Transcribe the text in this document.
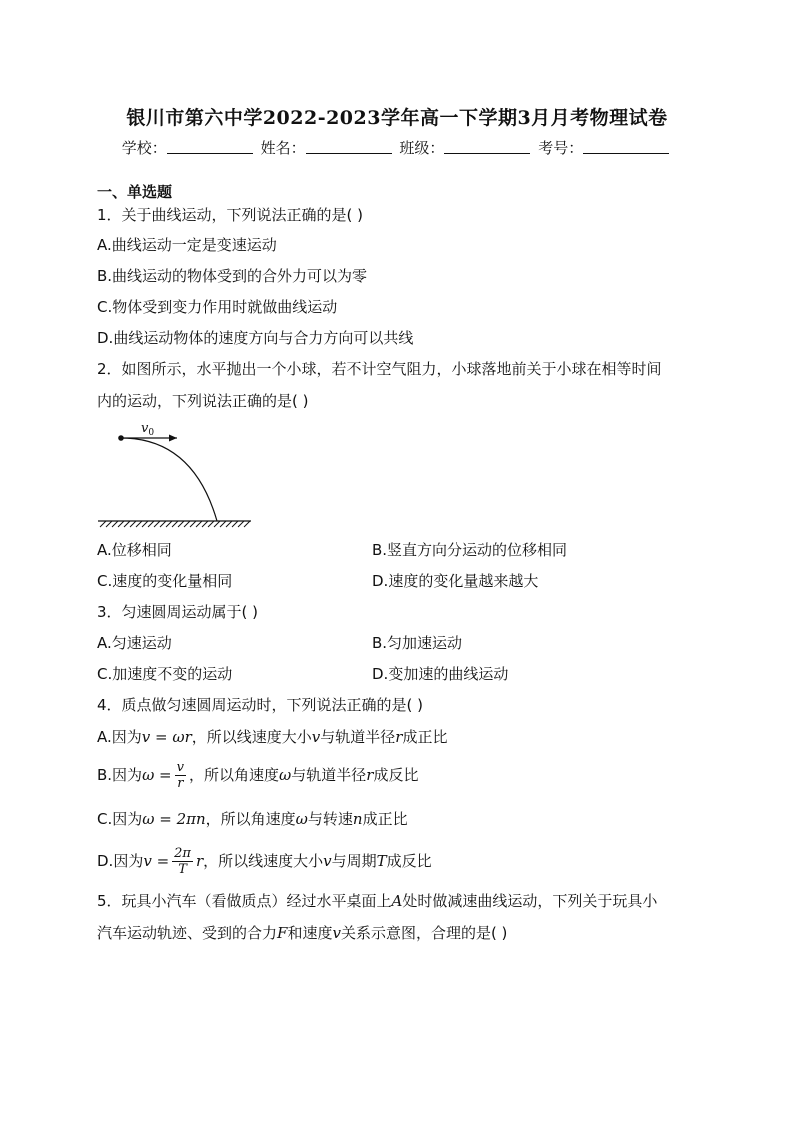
银川市第六中学2022-2023学年高一下学期3月月考物理试卷
学校：	姓名：	班级：	考号：
一、单选题
1．关于曲线运动，下列说法正确的是( )
A.曲线运动一定是变速运动
B.曲线运动的物体受到的合外力可以为零
C.物体受到变力作用时就做曲线运动
D.曲线运动物体的速度方向与合力方向可以共线
2．如图所示，水平抛出一个小球，若不计空气阻力，小球落地前关于小球在相等时间
内的运动，下列说法正确的是( )
$v_0$
A.位移相同	B.竖直方向分运动的位移相同
C.速度的变化量相同	D.速度的变化量越来越大
3．匀速圆周运动属于( )
A.匀速运动	B.匀加速运动
C.加速度不变的运动	D.变加速的曲线运动
4．质点做匀速圆周运动时，下列说法正确的是( )
A.因为v = ωr，所以线速度大小v与轨道半径r成正比
B.因为$\omega = \frac{v}{r}$ ，所以角速度ω与轨道半径r成反比
C.因为ω = 2πn，所以角速度ω与转速n成正比
D.因为$v = \frac{2\pi}{T}$ r，所以线速度大小v与周期T成反比
5．玩具小汽车（看做质点）经过水平桌面上A处时做减速曲线运动，下列关于玩具小
汽车运动轨迹、受到的合力F和速度v关系示意图，合理的是( )
